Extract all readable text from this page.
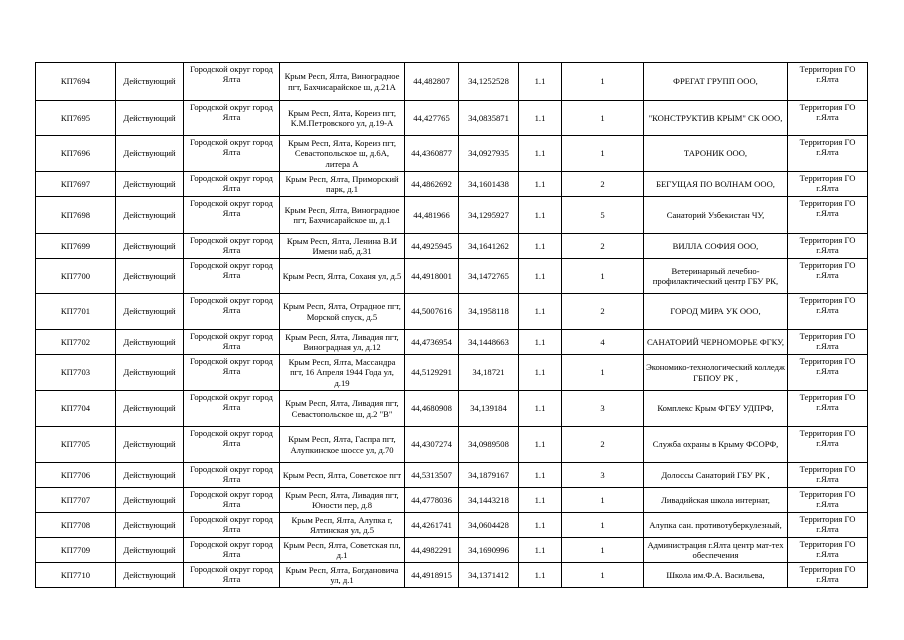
КП7694	Действующий	Городской округ город Ялта	Крым Респ, Ялта, Виноградное пгт, Бахчисарайское ш, д.21А	44,482807	34,1252528	1.1	1	ФРЕГАТ ГРУПП ООО,	Территория ГО г.Ялта
КП7695	Действующий	Городской округ город Ялта	Крым Респ, Ялта, Кореиз пгт, К.М.Петровского ул, д.19-А	44,427765	34,0835871	1.1	1	"КОНСТРУКТИВ КРЫМ" СК ООО,	Территория ГО г.Ялта
КП7696	Действующий	Городской округ город Ялта	Крым Респ, Ялта, Кореиз пгт, Севастопольское ш, д.6А, литера А	44,4360877	34,0927935	1.1	1	ТАРОНИК ООО,	Территория ГО г.Ялта
КП7697	Действующий	Городской округ город Ялта	Крым Респ, Ялта, Приморский парк, д.1	44,4862692	34,1601438	1.1	2	БЕГУЩАЯ ПО ВОЛНАМ ООО,	Территория ГО г.Ялта
КП7698	Действующий	Городской округ город Ялта	Крым Респ, Ялта, Виноградное пгт, Бахчисарайское ш, д.1	44,481966	34,1295927	1.1	5	Санаторий Узбекистан ЧУ,	Территория ГО г.Ялта
КП7699	Действующий	Городской округ город Ялта	Крым Респ, Ялта, Ленина В.И Имени наб, д.31	44,4925945	34,1641262	1.1	2	ВИЛЛА СОФИЯ ООО,	Территория ГО г.Ялта
КП7700	Действующий	Городской округ город Ялта	Крым Респ, Ялта, Соханя ул, д.5	44,4918001	34,1472765	1.1	1	Ветеринарный лечебно-профилактический центр ГБУ РК,	Территория ГО г.Ялта
КП7701	Действующий	Городской округ город Ялта	Крым Респ, Ялта, Отрадное пгт, Морской спуск, д.5	44,5007616	34,1958118	1.1	2	ГОРОД МИРА УК ООО,	Территория ГО г.Ялта
КП7702	Действующий	Городской округ город Ялта	Крым Респ, Ялта, Ливадия пгт, Виноградная ул, д.12	44,4736954	34,1448663	1.1	4	САНАТОРИЙ ЧЕРНОМОРЬЕ ФГКУ,	Территория ГО г.Ялта
КП7703	Действующий	Городской округ город Ялта	Крым Респ, Ялта, Массандра пгт, 16 Апреля 1944 Года ул, д.19	44,5129291	34,18721	1.1	1	Экономико-технологический колледж ГБПОУ РК ,	Территория ГО г.Ялта
КП7704	Действующий	Городской округ город Ялта	Крым Респ, Ялта, Ливадия пгт, Севастопольское ш, д.2 "В"	44,4680908	34,139184	1.1	3	Комплекс Крым ФГБУ УДПРФ,	Территория ГО г.Ялта
КП7705	Действующий	Городской округ город Ялта	Крым Респ, Ялта, Гаспра пгт, Алупкинское шоссе ул, д.70	44,4307274	34,0989508	1.1	2	Служба охраны в Крыму ФСОРФ,	Территория ГО г.Ялта
КП7706	Действующий	Городской округ город Ялта	Крым Респ, Ялта, Советское пгт	44,5313507	34,1879167	1.1	3	Долоссы Санаторий ГБУ РК ,	Территория ГО г.Ялта
КП7707	Действующий	Городской округ город Ялта	Крым Респ, Ялта, Ливадия пгт, Юности пер, д.8	44,4778036	34,1443218	1.1	1	Ливадийская школа интернат,	Территория ГО г.Ялта
КП7708	Действующий	Городской округ город Ялта	Крым Респ, Ялта, Алупка г, Ялтинская ул, д.5	44,4261741	34,0604428	1.1	1	Алупка сан. противотуберкулезный,	Территория ГО г.Ялта
КП7709	Действующий	Городской округ город Ялта	Крым Респ, Ялта, Советская пл, д.1	44,4982291	34,1690996	1.1	1	Администрация г.Ялта центр мат-тех обеспечения	Территория ГО г.Ялта
КП7710	Действующий	Городской округ город Ялта	Крым Респ, Ялта, Богдановича ул, д.1	44,4918915	34,1371412	1.1	1	Школа им.Ф.А. Васильева,	Территория ГО г.Ялта
